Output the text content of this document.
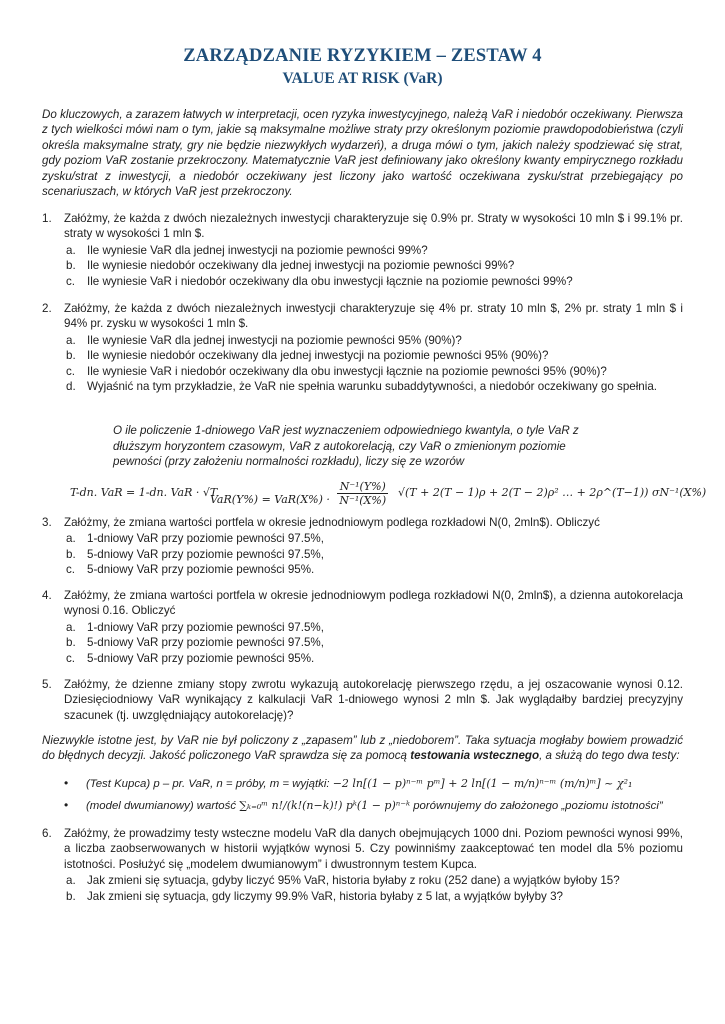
ZARZĄDZANIE RYZYKIEM – ZESTAW 4
VALUE AT RISK (VaR)
Do kluczowych, a zarazem łatwych w interpretacji, ocen ryzyka inwestycyjnego, należą VaR i niedobór oczekiwany. Pierwsza z tych wielkości mówi nam o tym, jakie są maksymalne możliwe straty przy określonym poziomie prawdopodobieństwa (czyli określa maksymalne straty, gry nie będzie niezwykłych wydarzeń), a druga mówi o tym, jakich należy spodziewać się strat, gdy poziom VaR zostanie przekroczony. Matematycznie VaR jest definiowany jako określony kwanty empirycznego rozkładu zysku/strat z inwestycji, a niedobór oczekiwany jest liczony jako wartość oczekiwana zysku/strat przebiegający po scenariuszach, w których VaR jest przekroczony.
1. Załóżmy, że każda z dwóch niezależnych inwestycji charakteryzuje się 0.9% pr. Straty w wysokości 10 mln $ i 99.1% pr. straty w wysokości 1 mln $.
a. Ile wyniesie VaR dla jednej inwestycji na poziomie pewności 99%?
b. Ile wyniesie niedobór oczekiwany dla jednej inwestycji na poziomie pewności 99%?
c. Ile wyniesie VaR i niedobór oczekiwany dla obu inwestycji łącznie na poziomie pewności 99%?
2. Załóżmy, że każda z dwóch niezależnych inwestycji charakteryzuje się 4% pr. straty 10 mln $, 2% pr. straty 1 mln $ i 94% pr. zysku w wysokości 1 mln $.
a. Ile wyniesie VaR dla jednej inwestycji na poziomie pewności 95% (90%)?
b. Ile wyniesie niedobór oczekiwany dla jednej inwestycji na poziomie pewności 95% (90%)?
c. Ile wyniesie VaR i niedobór oczekiwany dla obu inwestycji łącznie na poziomie pewności 95% (90%)?
d. Wyjaśnić na tym przykładzie, że VaR nie spełnia warunku subaddytywności, a niedobór oczekiwany go spełnia.
O ile policzenie 1-dniowego VaR jest wyznaczeniem odpowiedniego kwantyla, o tyle VaR z dłuższym horyzontem czasowym, VaR z autokorelacją, czy VaR o zmienionym poziomie pewności (przy założeniu normalności rozkładu), liczy się ze wzorów
T-dn. VaR = 1-dn. VaR · √T
$VaR(Y\%) = VaR(X\%) \cdot \frac{\text{N⁻¹(Y\%)}}{\text{N⁻¹(X\%)}} √(T + 2(T - 1)\rho + 2(T - 2)\rho^2$ … + 2ρ^(T−1)) σN⁻¹(X%)
3. Załóżmy, że zmiana wartości portfela w okresie jednodniowym podlega rozkładowi N(0, 2mln$). Obliczyć
a. 1-dniowy VaR przy poziomie pewności 97.5%,
b. 5-dniowy VaR przy poziomie pewności 97.5%,
c. 5-dniowy VaR przy poziomie pewności 95%.
4. Załóżmy, że zmiana wartości portfela w okresie jednodniowym podlega rozkładowi N(0, 2mln$), a dzienna autokorelacja wynosi 0.16. Obliczyć
a. 1-dniowy VaR przy poziomie pewności 97.5%,
b. 5-dniowy VaR przy poziomie pewności 97.5%,
c. 5-dniowy VaR przy poziomie pewności 95%.
5. Załóżmy, że dzienne zmiany stopy zwrotu wykazują autokorelację pierwszego rzędu, a jej oszacowanie wynosi 0.12. Dziesięciodniowy VaR wynikający z kalkulacji VaR 1-dniowego wynosi 2 mln $. Jak wyglądałby bardziej precyzyjny szacunek (tj. uwzględniający autokorelację)?
Niezwykle istotne jest, by VaR nie był policzony z „zapasem” lub z „niedoborem”. Taka sytuacja mogłaby bowiem prowadzić do błędnych decyzji. Jakość policzonego VaR sprawdza się za pomocą testowania wstecznego, a służą do tego dwa testy:
• (Test Kupca) p – pr. VaR, n = próby, m = wyjątki: −2 ln[(1 − p)ⁿ⁻ᵐ pᵐ] + 2 ln[(1 − m/n)ⁿ⁻ᵐ (m/n)ᵐ] ~ χ²₁
• (model dwumianowy) wartość ∑ₖ₌₀ᵐ n!/(k!(n−k)!) pᵏ(1 − p)ⁿ⁻ᵏ porównujemy do założonego „poziomu istotności”
6. Załóżmy, że prowadzimy testy wsteczne modelu VaR dla danych obejmujących 1000 dni. Poziom pewności wynosi 99%, a liczba zaobserwowanych w historii wyjątków wynosi 5. Czy powinniśmy zaakceptować ten model dla 5% poziomu istotności. Posłużyć się „modelem dwumianowym” i dwustronnym testem Kupca.
a. Jak zmieni się sytuacja, gdyby liczyć 95% VaR, historia byłaby z roku (252 dane) a wyjątków byłoby 15?
b. Jak zmieni się sytuacja, gdy liczymy 99.9% VaR, historia byłaby z 5 lat, a wyjątków byłyby 3?
